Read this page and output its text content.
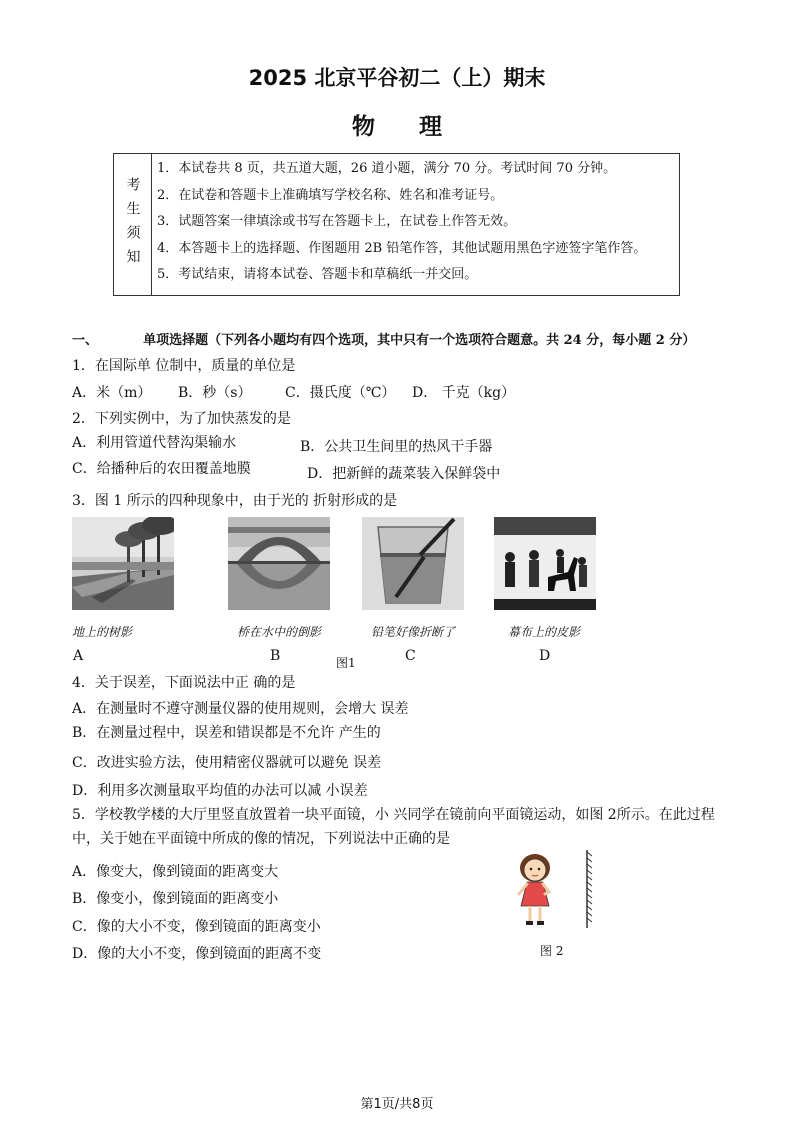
2025 北京平谷初二（上）期末
物理
考生须知
1．本试卷共 8 页，共五道大题，26 道小题，满分 70 分。考试时间 70 分钟。
2．在试卷和答题卡上准确填写学校名称、姓名和准考证号。
3．试题答案一律填涂或书写在答题卡上，在试卷上作答无效。
4．本答题卡上的选择题、作图题用 2B 铅笔作答，其他试题用黑色字迹签字笔作答。
5．考试结束，请将本试卷、答题卡和草稿纸一并交回。
一、	单项选择题（下列各小题均有四个选项，其中只有一个选项符合题意。共 24 分，每小题 2 分）
1．在国际单 位制中，质量的单位是
A．米（m） B．秒（s） C．摄氏度（℃） D． 千克（kg）
2．下列实例中，为了加快蒸发的是
A．利用管道代替沟渠输水	B．公共卫生间里的热风干手器
C．给播种后的农田覆盖地膜	D．把新鲜的蔬菜装入保鲜袋中
3．图 1 所示的四种现象中，由于光的 折射形成的是
地上的树影	桥在水中的倒影	铅笔好像折断了	幕布上的皮影
A	B	图1	C	D
4．关于误差，下面说法中正 确的是
A．在测量时不遵守测量仪器的使用规则，会增大 误差
B．在测量过程中，误差和错误都是不允许 产生的
C．改进实验方法，使用精密仪器就可以避免 误差
D．利用多次测量取平均值的办法可以减 小误差
5．学校教学楼的大厅里竖直放置着一块平面镜，小 兴同学在镜前向平面镜运动，如图 2所示。在此过程
中，关于她在平面镜中所成的像的情况，下列说法中正确的是
A．像变大，像到镜面的距离变大
B．像变小，像到镜面的距离变小
C．像的大小不变，像到镜面的距离变小
D．像的大小不变，像到镜面的距离不变	图 2
第1页/共8页
